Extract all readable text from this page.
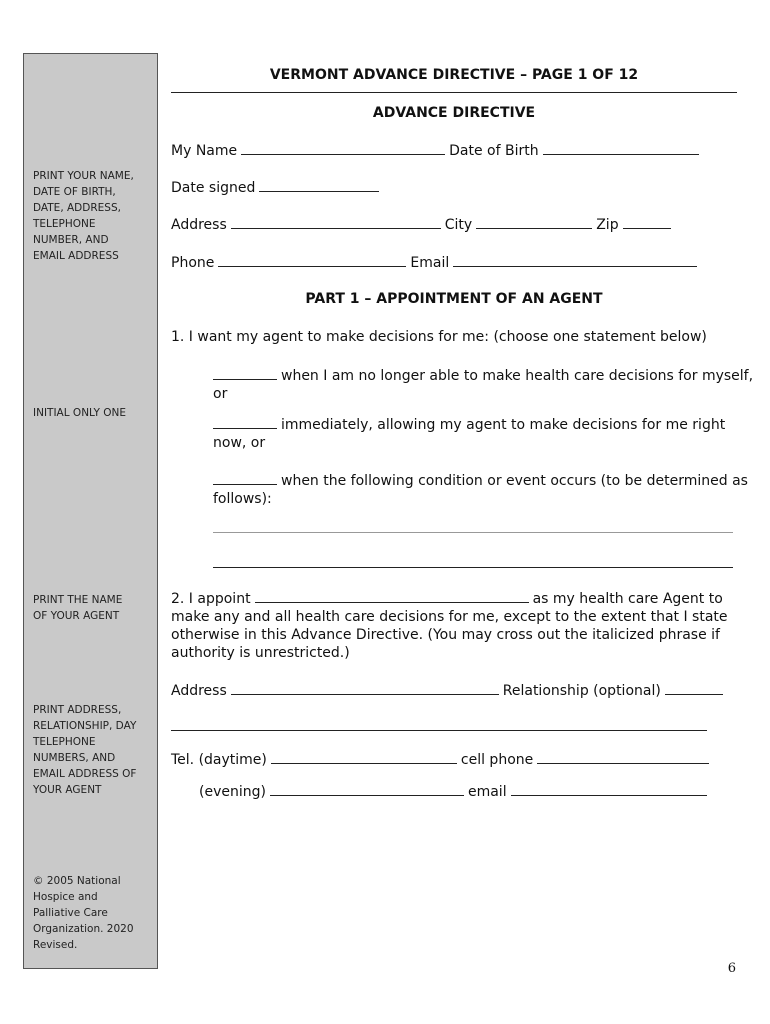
PRINT YOUR NAME,
DATE OF BIRTH,
DATE, ADDRESS,
TELEPHONE
NUMBER, AND
EMAIL ADDRESS
INITIAL ONLY ONE
PRINT THE NAME
OF YOUR AGENT
PRINT ADDRESS,
RELATIONSHIP, DAY
TELEPHONE
NUMBERS, AND
EMAIL ADDRESS OF
YOUR AGENT
© 2005 National
Hospice and
Palliative Care
Organization. 2020
Revised.
VERMONT ADVANCE DIRECTIVE – PAGE 1 OF 12
ADVANCE DIRECTIVE
My Name	Date of Birth
Date signed
Address	City	Zip
Phone	Email
PART 1 – APPOINTMENT OF AN AGENT
1. I want my agent to make decisions for me: (choose one statement below)
when I am no longer able to make health care decisions for myself,
or
immediately, allowing my agent to make decisions for me right
now, or
when the following condition or event occurs (to be determined as
follows):
2. I appoint	as my health care Agent to
make any and all health care decisions for me, except to the extent that I state
otherwise in this Advance Directive. (You may cross out the italicized phrase if
authority is unrestricted.)
Address	Relationship (optional)
Tel. (daytime)	cell phone
(evening)	email
6
